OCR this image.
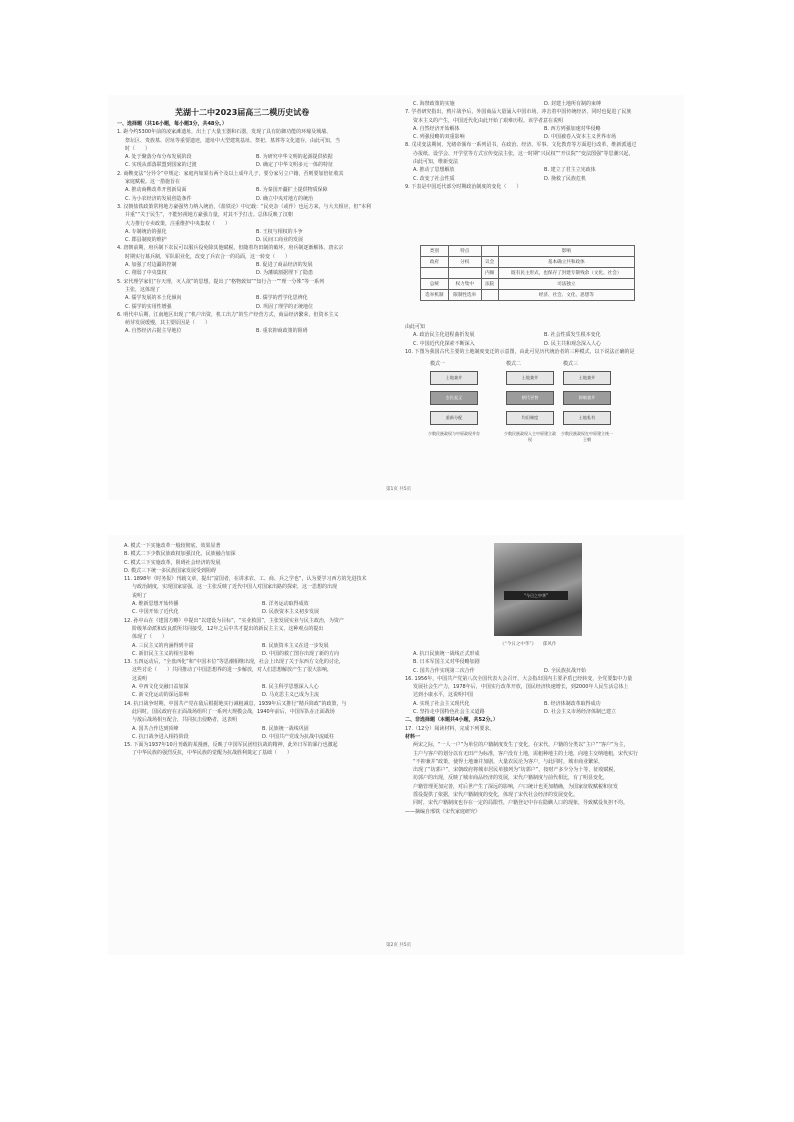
芜湖十二中2023届高三二模历史试卷

一、选择题（共16小题，每小题3分，共48分。）

1. 距今约5300年前的凌家滩遗址，出土了大量玉器和石器，发现了具有防御功能的环壕及城墙、

祭坛区、贵族墓、居址等重要遗迹，遗址中大型建筑基址、祭祀、墓葬等文化遗存，由此可知，当

时（　　）

A. 处于聚落分布分布发展阶段	B. 为研究中华文明的起源提供依据
C. 实现从部落联盟到国家的过渡	D. 确定了中华文明多元一体的特征

2. 商鞅变法“分异令”中规定：家庭内如果有两个及以上成年儿子，要分家另立户籍，否则要加倍征收其

家庭赋税。这一措施旨在

A. 推动商鞅改革开创新局面	B. 为秦国开疆扩土提供物质保障
C. 为小农经济的发展创造条件	D. 确立中央对地方的统治

3. 汉朝盐铁政策常将地方豪强势力纳入统治，《盐铁论》中记载：“民吏杂（或作）也远方来，与大夫相应，但“本利

并重”“关于民生”，不能轻视地方豪强力量，对其不予打击。总体反映了汉朝

大力推行专卖政策，注重维护中央集权（　　）

A. 专制统治的强化	B. 王权与相权的斗争
C. 郡县制度的维护	D. 民间工商业的发展

4. 唐朝前期，府兵制下农民可以服兵役免除其他赋税，但随着均田制的破坏，府兵制逐渐解体，唐玄宗

时期实行募兵制，军队职业化，改变了兵农合一的局面，这一转变（　　）

A. 加强了对边疆的控制	B. 促进了商品经济的发展
C. 削弱了中央集权	D. 为藩镇割据埋下了隐患

5. 宋代理学家们“存天理，灭人欲”的思想，提出了“格物致知”“知行合一”“理一分殊”等一系列

主张，这体现了

A. 儒学发展的本土化倾向	B. 儒学的哲学化思辨化
C. 儒学的实用性增强	D. 巩固了理学的正统地位

6. 明代中后期，江南地区出现了“机户出资，机工出力”的生产经营方式，商品经济繁荣，但资本主义

萌芽发展缓慢，其主要原因是（　　）

A. 自然经济占据主导地位	B. 重农抑商政策的阻碍
C. 海禁政策的实施	D. 封建土地所有制的束缚

7. 学者研究指出，鸦片战争后，外国商品大量涌入中国市场，冲击着中国传统经济，同时也促进了民族

资本主义的产生，中国近代化由此开始了艰难历程。该学者意在说明

A. 自然经济开始解体	B. 西方列强加速对华侵略
C. 列强侵略的双重影响	D. 中国被卷入资本主义世界市场

8. 戊戌变法期间，光绪帝颁布一系列诏书，在政治、经济、军事、文化教育等方面进行改革，维新派通过

办报纸、设学会、开学堂等方式宣传变法主张，这一时期“兴民权”“开议院”“变法图强”等思潮兴起，

由此可知，维新变法

A. 推动了思想解放	B. 建立了君主立宪政体
C. 改变了社会性质	D. 挽救了民族危机

9. 下表是中国近代部分时期政治制度的变化（　　）

类别	特点		影响
政府	分权	议会	基本确立共和政体
		内阁	既有民主形式，也保存了封建专制残余（文化、社会）
总统	权力集中	法院	司法独立
选举机制	限制性选举		经济、社会、文化、思想等

由此可知

A. 政治民主化进程曲折发展	B. 社会性质发生根本变化
C. 中国近代化探索不断深入	D. 民主共和观念深入人心

10. 下图为我国古代主要的土地制度变迁的示意图，由此可见历代统治者的三种模式，以下说法正确的是

模式一
土地兼并
农民起义
重新分配
少数民族政权与中原政权并存
模式二
土地兼并
朝代更替
均田制度
少数民族政权入主中原建立政权
模式三
土地兼并
抑制兼并
土地私有
少数民族政权在中原建立统一王朝
第1页 共5页

A. 模式一下实施改革一般较彻底，效果显著

B. 模式二下少数民族政权加强汉化，民族融合加深

C. 模式三下实施改革，阻碍社会经济的发展

D. 模式三下统一多民族国家发展受到阻碍

11. 1898年《时务报》刊载文章，提出“富国者，在讲求农、工、商、兵之学也”，认为要学习西方的先进技术

与政治制度，实现国家富强，这一主张反映了近代中国人对国家出路的探索，这一思想的出现

说明了

A. 维新思想开始传播	B. 洋务运动取得成效
C. 中国开始了近代化	D. 民族资本主义初步发展

12. 孙中山在《建国方略》中提出“以建设为目标”，“实业救国”，主张发展实业与民主政治，为资产

阶级革命派和改良派所共同接受，12年之后中共才提出的新民主主义，这种观点的提出

体现了（　　）

A. 三民主义的内涵得到丰富	B. 民族资本主义在进一步发展
C. 新旧民主主义的相互影响	D. 中国的救亡图存出现了新的方向

13. 五四运动后，“全盘西化”和“中国本位”等思潮相继出现，社会上出现了关于东西方文化的讨论，

这些讨论（　　）共同推动了中国思想界的进一步解放，对人们思想解放产生了很大影响，

这说明

A. 中西文化交融日益加深	B. 民主科学思想深入人心
C. 新文化运动的深远影响	D. 马克思主义已成为主流

14. 抗日战争时期，中国共产党在敌后根据地实行减租减息，1939年后又推行“精兵简政”的政策，与

此同时，国民政府在正面战场组织了一系列大规模会战，1940年前后，中国军队在正面战场

与敌后战场相互配合，共同抗击侵略者，这表明

A. 国共合作达到顶峰	B. 民族统一战线巩固
C. 抗日战争进入相持阶段	D. 中国共产党成为抗战中流砥柱

15. 下面为1937年10月刊载的某漫画，反映了中国军民团结抗战的精神，此外日军的暴行也激起

了中华民族的强烈反抗，中华民族的觉醒为抗战胜利奠定了基础（　　）

“今日之中华”
《“今日之中华”》　　郁风作

A. 抗日民族统一战线正式形成

B. 日本军国主义对华侵略加剧

C. 国共合作实现第二次合作	D. 全民族抗战开始

16. 1956年，中国共产党第八次全国代表大会召开，大会指出国内主要矛盾已经转变，全党要集中力量

发展社会生产力，1978年后，中国实行改革开放，国民经济快速增长，到2000年人民生活总体上

达到小康水平，这说明中国

A. 实现了社会主义现代化	B. 经济体制改革取得成功
C. 坚持走中国特色社会主义道路	D. 社会主义市场经济体制已建立

二、非选择题（本题共4小题，共52分。）

17.（12分）阅读材料，完成下列要求。

材料一

两宋之际，“一人一户”为单位的户籍制度发生了变化，在宋代，户籍的分类以“主户”“客户”为主，

主户与客户的划分以有无田产为标准，客户没有土地，需租种地主的土地，向地主交纳地租，宋代实行

“不抑兼并”政策，使得土地兼并加剧，大量农民沦为客户，与此同时，城市商业繁荣，

出现了“坊郭户”，宋朝政府将城市居民单独列为“坊郭户”，按财产多少分为十等，征收赋税，

坊郭户的出现，反映了城市商品经济的发展，宋代户籍制度与前代相比，有了明显变化，

户籍管理更加完善，对后世产生了深远的影响，户口统计也更加精确，为国家征收赋税和征发

徭役提供了依据，宋代户籍制度的变化，体现了宋代社会经济的发展变化。

同时，宋代户籍制度也存在一定的局限性，户籍登记中存在隐瞒人口的现象，导致赋役负担不均。

——摘编自邢铁《宋代家庭研究》

第2页 共5页
